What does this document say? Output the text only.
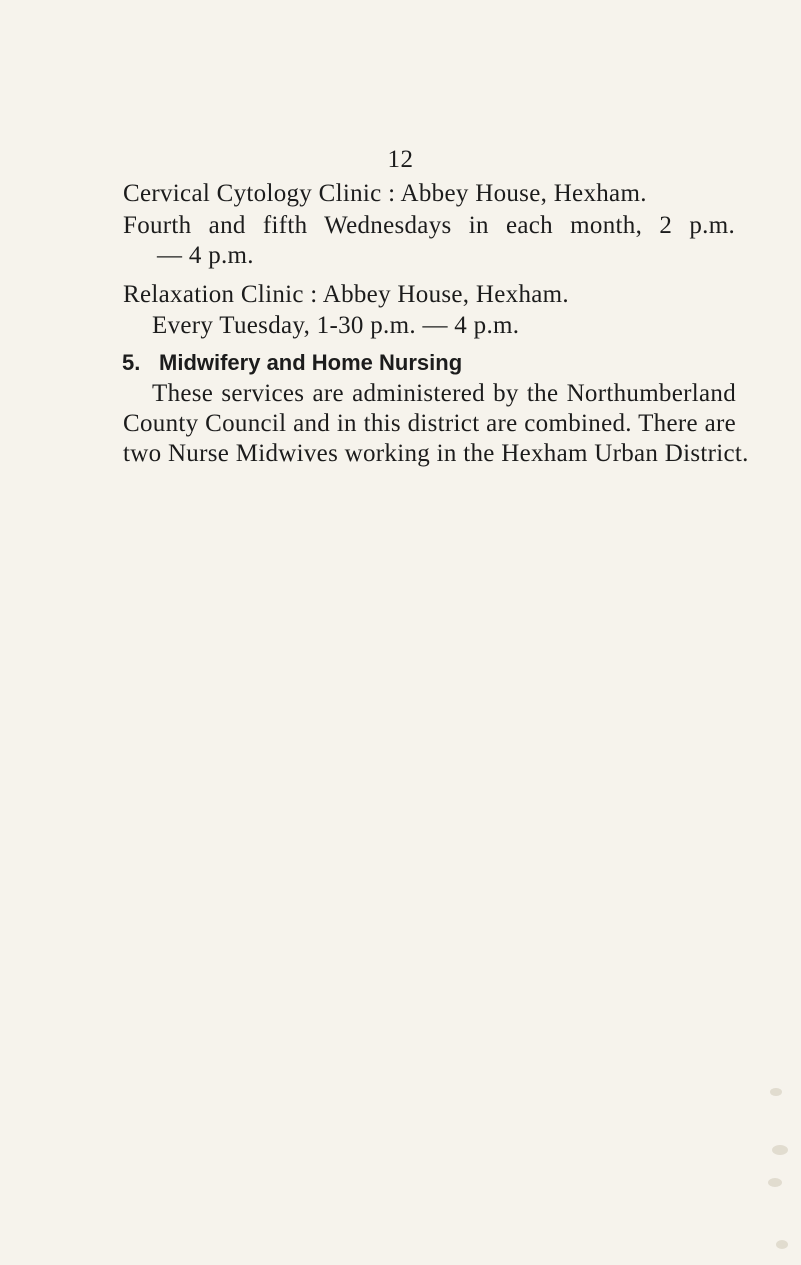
12
Cervical Cytology Clinic : Abbey House, Hexham.
Fourth and fifth Wednesdays in each month, 2 p.m.
— 4 p.m.
Relaxation Clinic : Abbey House, Hexham.
Every Tuesday, 1-30 p.m. — 4 p.m.
5. Midwifery and Home Nursing
These services are administered by the Northumberland
County Council and in this district are combined. There are
two Nurse Midwives working in the Hexham Urban District.
